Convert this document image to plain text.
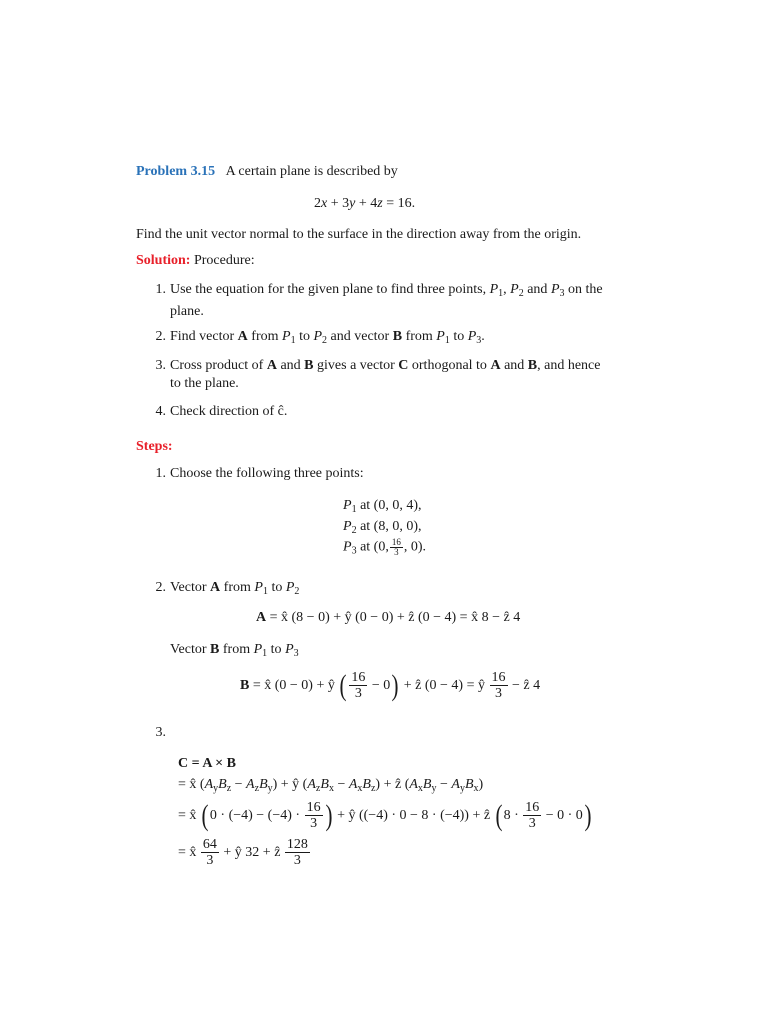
Problem 3.15 A certain plane is described by
2x + 3y + 4z = 16.
Find the unit vector normal to the surface in the direction away from the origin.
Solution: Procedure:
1. Use the equation for the given plane to find three points, $P_1$, $P_2$ and $P_3$ on the
plane.
2. Find vector A from $P_1$ to $P_2$ and vector B from $P_1$ to $P_3$.
3. Cross product of A and B gives a vector C orthogonal to A and B, and hence
to the plane.
4. Check direction of ĉ.
Steps:
1. Choose the following three points:
$P_1$ at (0, 0, 4),
$P_2$ at (8, 0, 0),
$P_3$ at (0, $\frac{16}{3}$ , 0).
2. Vector A from $P_1$ to $P_2$
A = x̂ (8 − 0) + ŷ (0 − 0) + ẑ (0 − 4) = x̂ 8 − ẑ 4
Vector B from $P_1$ to $P_3$
B = x̂ (0 − 0) + ŷ ( $\frac{16}{3} - 0$) + ẑ (0 − 4) = ŷ $\frac{16}{3}$ − ẑ 4
3.
C = A × B
= x̂ $(A_yB_z - A_zB_y)$ + ŷ $(A_zB_x - A_xB_z)$ + ẑ $(A_xB_y - A_yB_x)$
= x̂ ( $0 \cdot (-4) - (-4) \cdot \frac{16}{3}$ ) + ŷ ((−4) · 0 − 8 · (−4)) + ẑ ( $8 \cdot \frac{16}{3} - 0 \cdot 0$)
= x̂ $\frac{64}{3}$ + ŷ 32 + ẑ $\frac{128}{3}$
